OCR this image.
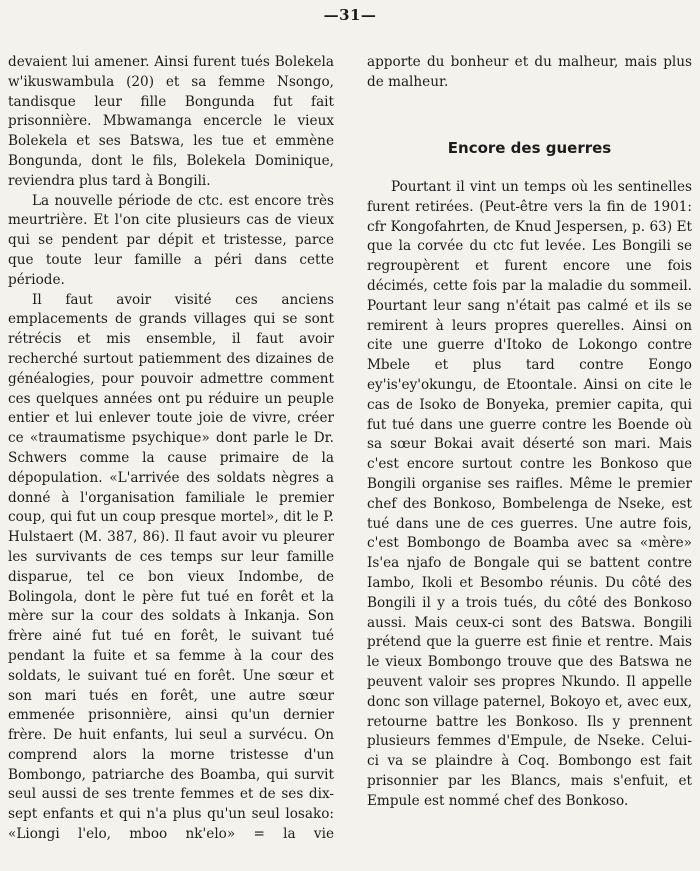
—31—

devaient lui amener. Ainsi furent tués Bolekela w'ikuswambula (20) et sa femme Nsongo, tandisque leur fille Bongunda fut fait prisonnière. Mbwamanga encercle le vieux Bolekela et ses Batswa, les tue et emmène Bongunda, dont le fils, Bolekela Dominique, reviendra plus tard à Bongili.

La nouvelle période de ctc. est encore très meurtrière. Et l'on cite plusieurs cas de vieux qui se pendent par dépit et tristesse, parce que toute leur famille a péri dans cette période.

Il faut avoir visité ces anciens emplacements de grands villages qui se sont rétrécis et mis ensemble, il faut avoir recherché surtout patiemment des dizaines de généalogies, pour pouvoir admettre comment ces quelques années ont pu réduire un peuple entier et lui enlever toute joie de vivre, créer ce «traumatisme psychique» dont parle le Dr. Schwers comme la cause primaire de la dépopulation. «L'arrivée des soldats nègres a donné à l'organisation familiale le premier coup, qui fut un coup presque mortel», dit le P. Hulstaert (M. 387, 86). Il faut avoir vu pleurer les survivants de ces temps sur leur famille disparue, tel ce bon vieux Indombe, de Bolingola, dont le père fut tué en forêt et la mère sur la cour des soldats à Inkanja. Son frère ainé fut tué en forêt, le suivant tué pendant la fuite et sa femme à la cour des soldats, le suivant tué en forêt. Une sœur et son mari tués en forêt, une autre sœur emmenée prisonnière, ainsi qu'un dernier frère. De huit enfants, lui seul a survécu. On comprend alors la morne tristesse d'un Bombongo, patriarche des Boamba, qui survit seul aussi de ses trente femmes et de ses dix-sept enfants et qui n'a plus qu'un seul losako: «Liongi l'elo, mboo nk'elo» = la vie

apporte du bonheur et du malheur, mais plus de malheur.

Encore des guerres

Pourtant il vint un temps où les sentinelles furent retirées. (Peut-être vers la fin de 1901: cfr Kongofahrten, de Knud Jespersen, p. 63) Et que la corvée du ctc fut levée. Les Bongili se regroupèrent et furent encore une fois décimés, cette fois par la maladie du sommeil. Pourtant leur sang n'était pas calmé et ils se remirent à leurs propres querelles. Ainsi on cite une guerre d'Itoko de Lokongo contre Mbele et plus tard contre Eongo ey'is'ey'okungu, de Etoontale. Ainsi on cite le cas de Isoko de Bonyeka, premier capita, qui fut tué dans une guerre contre les Boende où sa sœur Bokai avait déserté son mari. Mais c'est encore surtout contre les Bonkoso que Bongili organise ses raifles. Même le premier chef des Bonkoso, Bombelenga de Nseke, est tué dans une de ces guerres. Une autre fois, c'est Bombongo de Boamba avec sa «mère» Is'ea njafo de Bongale qui se battent contre Iambo, Ikoli et Besombo réunis. Du côté des Bongili il y a trois tués, du côté des Bonkoso aussi. Mais ceux-ci sont des Batswa. Bongili prétend que la guerre est finie et rentre. Mais le vieux Bombongo trouve que des Batswa ne peuvent valoir ses propres Nkundo. Il appelle donc son village paternel, Bokoyo et, avec eux, retourne battre les Bonkoso. Ils y prennent plusieurs femmes d'Empule, de Nseke. Celui-ci va se plaindre à Coq. Bombongo est fait prisonnier par les Blancs, mais s'enfuit, et Empule est nommé chef des Bonkoso.
